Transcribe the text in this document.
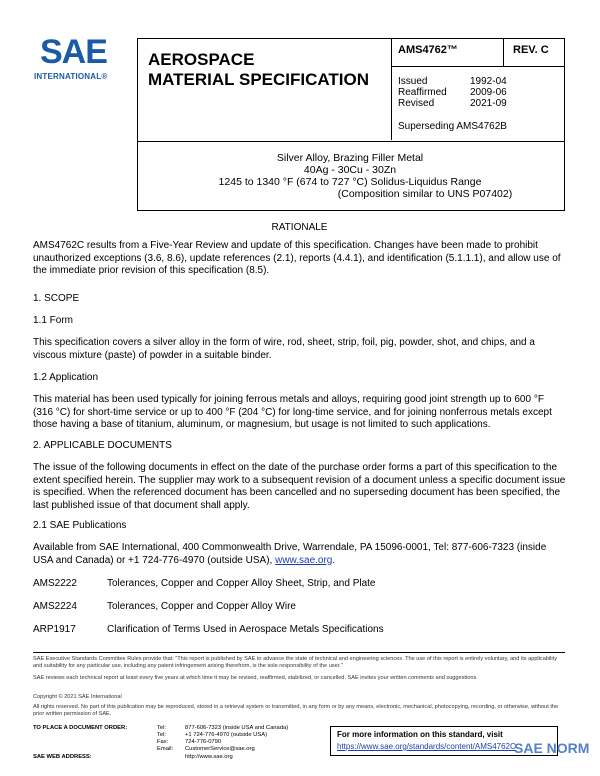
SAE
INTERNATIONAL®
AEROSPACE
MATERIAL SPECIFICATION
AMS4762™	REV. C
Issued	1992-04
Reaffirmed 2009-06
Revised	2021-09
Superseding AMS4762B
Silver Alloy, Brazing Filler Metal
40Ag - 30Cu - 30Zn
1245 to 1340 °F (674 to 727 °C) Solidus-Liquidus Range
(Composition similar to UNS P07402)
RATIONALE
AMS4762C results from a Five-Year Review and update of this specification. Changes have been made to prohibit unauthorized exceptions (3.6, 8.6), update references (2.1), reports (4.4.1), and identification (5.1.1.1), and allow use of the immediate prior revision of this specification (8.5).
1. SCOPE
1.1 Form
This specification covers a silver alloy in the form of wire, rod, sheet, strip, foil, pig, powder, shot, and chips, and a viscous mixture (paste) of powder in a suitable binder.
1.2 Application
This material has been used typically for joining ferrous metals and alloys, requiring good joint strength up to 600 °F (316 °C) for short-time service or up to 400 °F (204 °C) for long-time service, and for joining nonferrous metals except those having a base of titanium, aluminum, or magnesium, but usage is not limited to such applications.
2. APPLICABLE DOCUMENTS
The issue of the following documents in effect on the date of the purchase order forms a part of this specification to the extent specified herein. The supplier may work to a subsequent revision of a document unless a specific document issue is specified. When the referenced document has been cancelled and no superseding document has been specified, the last published issue of that document shall apply.
2.1 SAE Publications
Available from SAE International, 400 Commonwealth Drive, Warrendale, PA 15096-0001, Tel: 877-606-7323 (inside USA and Canada) or +1 724-776-4970 (outside USA), www.sae.org.
AMS2222	Tolerances, Copper and Copper Alloy Sheet, Strip, and Plate
AMS2224	Tolerances, Copper and Copper Alloy Wire
ARP1917	Clarification of Terms Used in Aerospace Metals Specifications
SAE Executive Standards Committee Rules provide that: “This report is published by SAE to advance the state of technical and engineering sciences. The use of this report is entirely voluntary, and its applicability and suitability for any particular use, including any patent infringement arising therefrom, is the sole responsibility of the user.”
SAE reviews each technical report at least every five years at which time it may be revised, reaffirmed, stabilized, or cancelled. SAE invites your written comments and suggestions.
Copyright © 2021 SAE International
All rights reserved. No part of this publication may be reproduced, stored in a retrieval system or transmitted, in any form or by any means, electronic, mechanical, photocopying, recording, or otherwise, without the prior written permission of SAE.
TO PLACE A DOCUMENT ORDER:	Tel:	877-606-7323 (inside USA and Canada)
Tel:	+1 724-776-4970 (outside USA)
Fax:	724-776-0790
Email: CustomerService@sae.org
SAE WEB ADDRESS:	http://www.sae.org
For more information on this standard, visit
https://www.sae.org/standards/content/AMS4762C
SAE NORM
